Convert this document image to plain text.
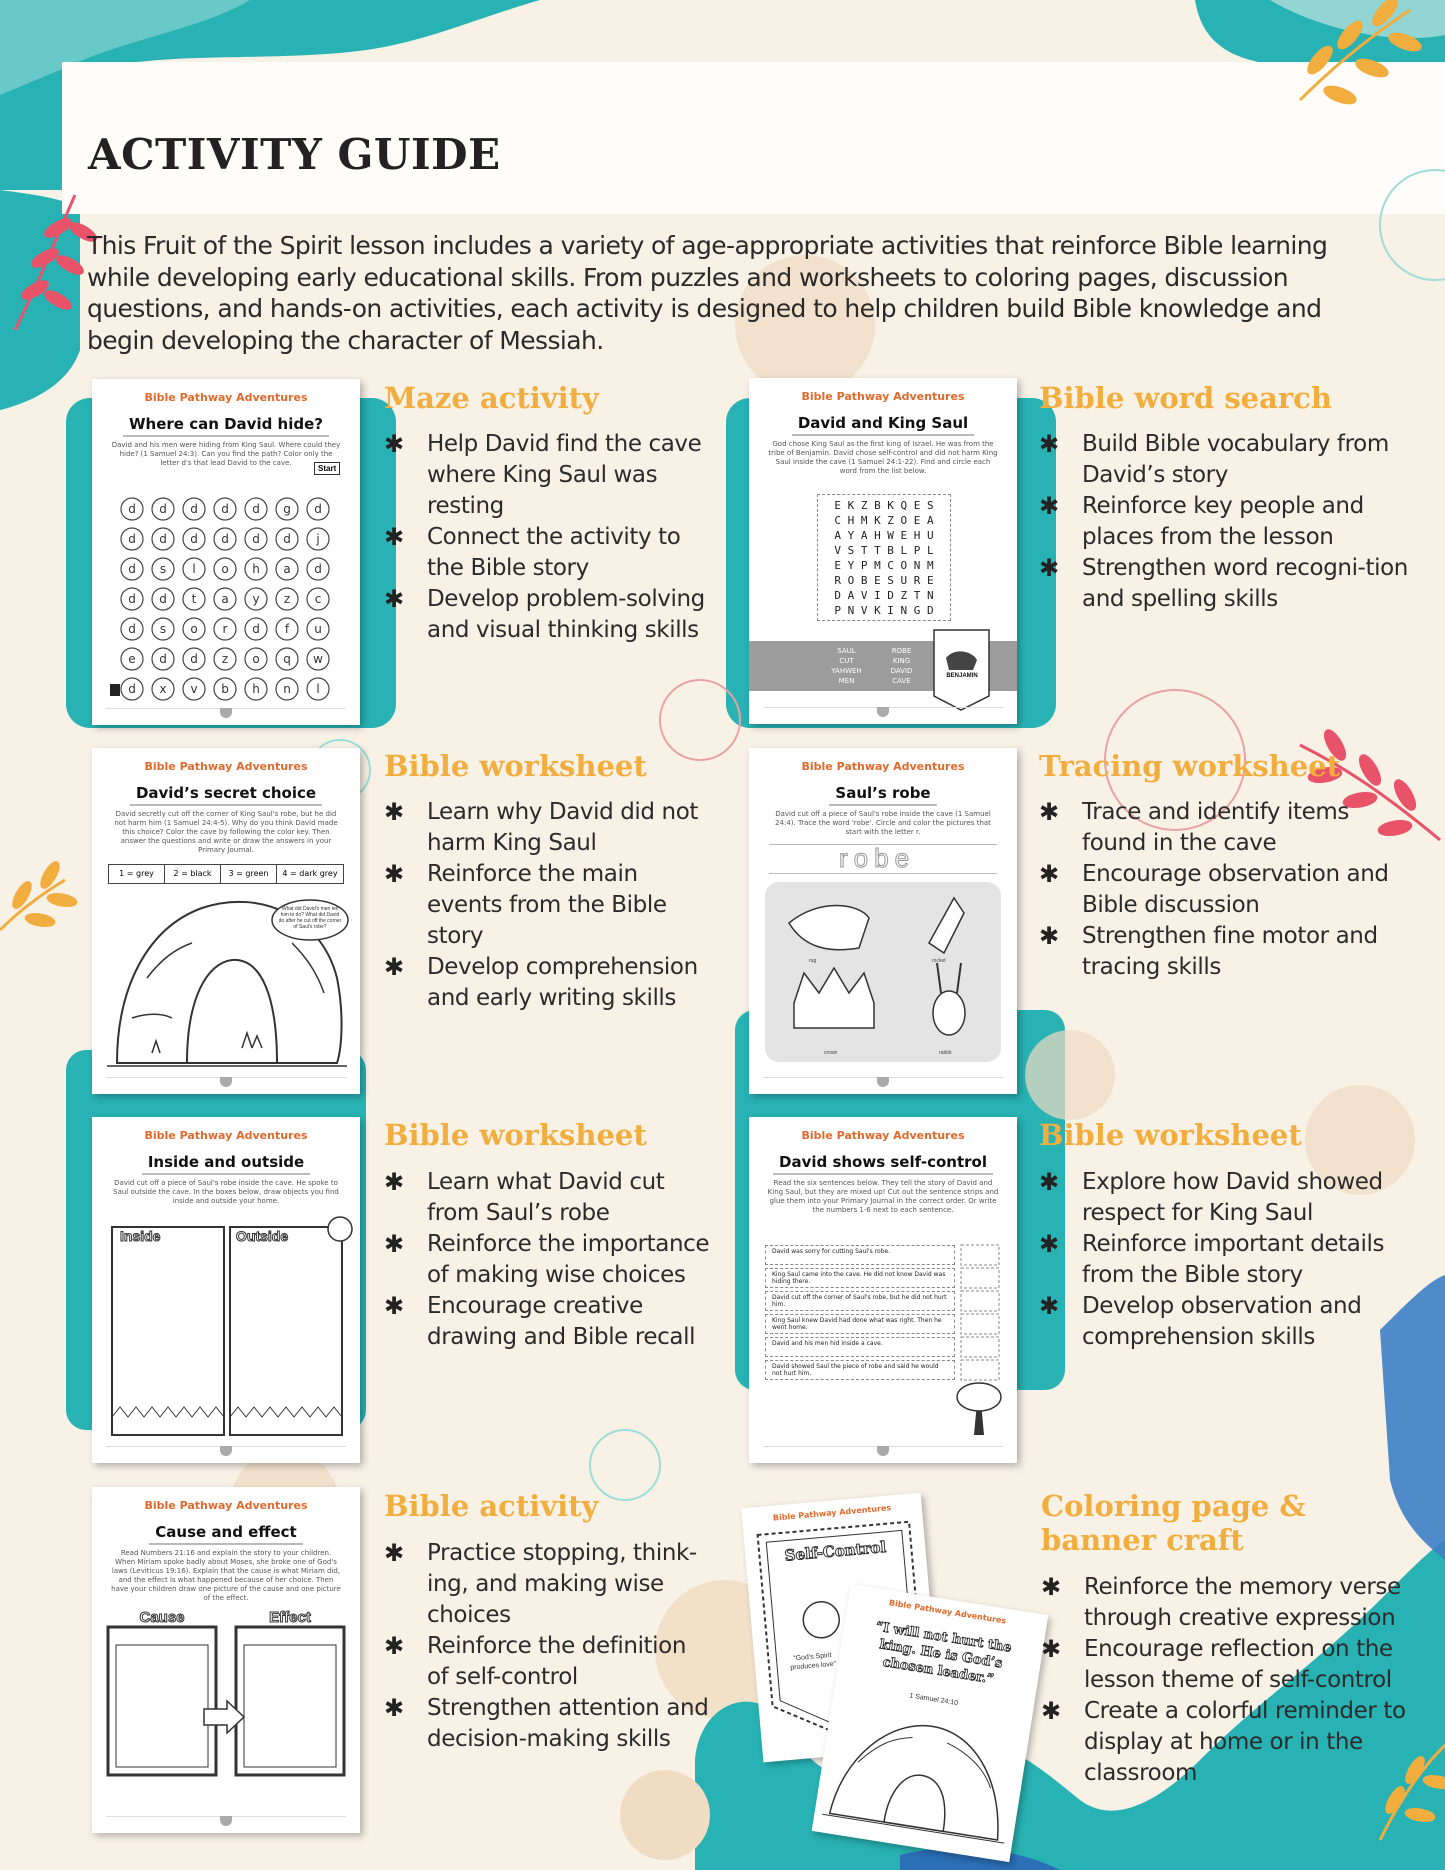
ACTIVITY GUIDE

This Fruit of the Spirit lesson includes a variety of age-appropriate activities that reinforce Bible learning while developing early educational skills. From puzzles and worksheets to coloring pages, discussion questions, and hands-on activities, each activity is designed to help children build Bible knowledge and begin developing the character of Messiah.

Bible Pathway Adventures
Where can David hide?
David and his men were hiding from King Saul. Where could they hide? (1 Samuel 24:3). Can you find the path? Color only the letter d's that lead David to the cave.
Start
d d d d d g d
d d d d d d j
d s l o h a d
d d t a y z c
d s o r d f u
e d d z o q w
d x v b h n l
Maze activity
✱ Help David find the cave where King Saul was resting
✱ Connect the activity to the Bible story
✱ Develop problem-solving and visual thinking skills
Bible Pathway Adventures
David and King Saul
God chose King Saul as the first king of Israel. He was from the tribe of Benjamin. David chose self-control and did not harm King Saul inside the cave (1 Samuel 24:1-22). Find and circle each word from the list below.
E K Z B K Q E S
C H M K Z O E A
A Y A H W E H U
V S T T B L P L
E Y P M C O N M
R O B E S U R E
D A V I D Z T N
P N V K I N G D
SAUL	ROBE
CUT	KING
YAHWEH	DAVID
MEN	CAVE
BENJAMIN
Bible word search
✱ Build Bible vocabulary from David’s story
✱ Reinforce key people and places from the lesson
✱ Strengthen word recogni-tion and spelling skills
Bible Pathway Adventures
David’s secret choice
David secretly cut off the corner of King Saul's robe, but he did not harm him (1 Samuel 24:4-5). Why do you think David made this choice? Color the cave by following the color key. Then answer the questions and write or draw the answers in your Primary Journal.
1 = grey	2 = black	3 = green	4 = dark grey
What did David's men tell him to do? What did David do after he cut off the corner of Saul's robe?
Bible worksheet
✱ Learn why David did not harm King Saul
✱ Reinforce the main events from the Bible story
✱ Develop comprehension and early writing skills
Bible Pathway Adventures
Saul’s robe
David cut off a piece of Saul's robe inside the cave (1 Samuel 24:4). Trace the word 'robe'. Circle and color the pictures that start with the letter r.
robe
rug	rocket
crown	rabbit
Tracing worksheet
✱ Trace and identify items found in the cave
✱ Encourage observation and Bible discussion
✱ Strengthen fine motor and tracing skills
Bible Pathway Adventures
Inside and outside
David cut off a piece of Saul's robe inside the cave. He spoke to Saul outside the cave. In the boxes below, draw objects you find inside and outside your home.
Inside	Outside
Bible worksheet
✱ Learn what David cut from Saul’s robe
✱ Reinforce the importance of making wise choices
✱ Encourage creative drawing and Bible recall
Bible Pathway Adventures
David shows self-control
Read the six sentences below. They tell the story of David and King Saul, but they are mixed up! Cut out the sentence strips and glue them into your Primary Journal in the correct order. Or write the numbers 1-6 next to each sentence.
David was sorry for cutting Saul's robe.
King Saul came into the cave. He did not know David was hiding there.
David cut off the corner of Saul's robe, but he did not hurt him.
King Saul knew David had done what was right. Then he went home.
David and his men hid inside a cave.
David showed Saul the piece of robe and said he would not hurt him.
Bible worksheet
✱ Explore how David showed respect for King Saul
✱ Reinforce important details from the Bible story
✱ Develop observation and comprehension skills
Bible Pathway Adventures
Cause and effect
Read Numbers 21:16 and explain the story to your children. When Miriam spoke badly about Moses, she broke one of God's laws (Leviticus 19:16). Explain that the cause is what Miriam did, and the effect is what happened because of her choice. Then have your children draw one picture of the cause and one picture of the effect.
Cause	Effect
Bible activity
✱ Practice stopping, think-ing, and making wise choices
✱ Reinforce the definition of self-control
✱ Strengthen attention and decision-making skills
Bible Pathway Adventures
Self-Control
“God's Spirit produces love”
Bible Pathway Adventures
“I will not hurt the king. He is God’s chosen leader.”
1 Samuel 24:10
Coloring page & banner craft
✱ Reinforce the memory verse through creative expression
✱ Encourage reflection on the lesson theme of self-control
✱ Create a colorful reminder to display at home or in the classroom
